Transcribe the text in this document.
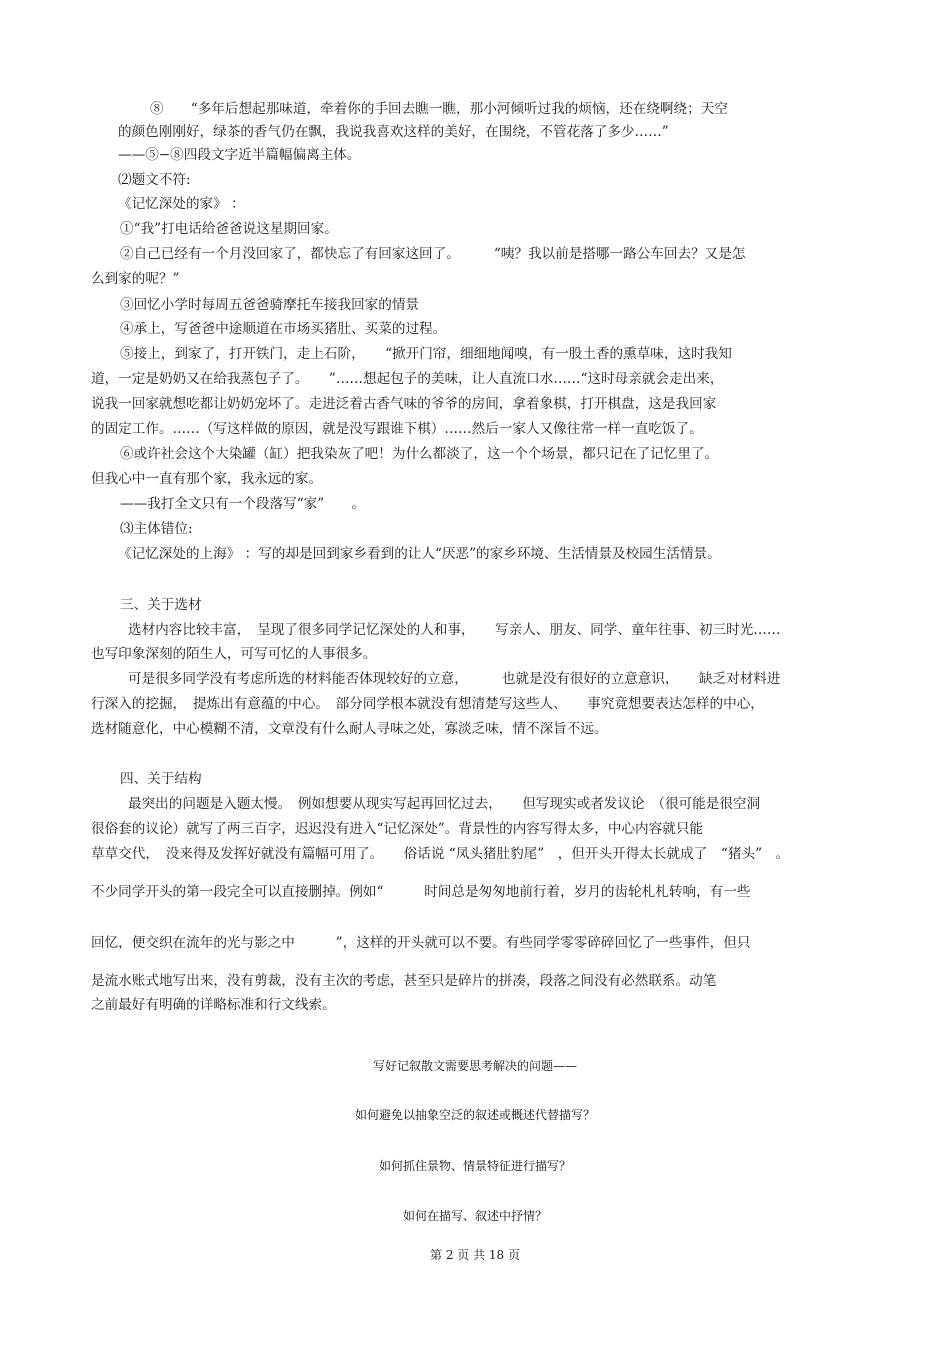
⑧　　“多年后想起那味道，牵着你的手回去瞧一瞧，那小河倾听过我的烦恼，还在绕啊绕；天空
的颜色刚刚好，绿茶的香气仍在飘，我说我喜欢这样的美好，在围绕，不管花落了多少……”
——⑤−⑧四段文字近半篇幅偏离主体。
⑵题文不符:
《记忆深处的家》 ：
①“我”打电话给爸爸说这星期回家。
②自己已经有一个月没回家了，都快忘了有回家这回了。　　　“咦？我以前是搭哪一路公车回去？又是怎
么到家的呢？”
③回忆小学时每周五爸爸骑摩托车接我回家的情景
④承上，写爸爸中途顺道在市场买猪肚、买菜的过程。
⑤接上，到家了，打开铁门，走上石阶，　　“掀开门帘，细细地闻嗅，有一股土香的熏草味，这时我知
道，一定是奶奶又在给我蒸包子了。　　”……想起包子的美味，让人直流口水……“这时母亲就会走出来，
说我一回家就想吃都让奶奶宠坏了。走进泛着古香气味的爷爷的房间，拿着象棋，打开棋盘，这是我回家
的固定工作。……（写这样做的原因，就是没写跟谁下棋）……然后一家人又像往常一样一直吃饭了。
⑥或许社会这个大染罐（缸）把我染灰了吧！为什么都淡了，这一个个场景，都只记在了记忆里了。
但我心中一直有那个家，我永远的家。
——我打全文只有一个段落写“家”　　。
⑶主体错位:
《记忆深处的上海》 ：写的却是回到家乡看到的让人“厌恶”的家乡环境、生活情景及校园生活情景。
三、关于选材
选材内容比较丰富，　呈现了很多同学记忆深处的人和事，　　写亲人、朋友、同学、童年往事、初三时光……
也写印象深刻的陌生人，可写可忆的人事很多。
可是很多同学没有考虑所选的材料能否体现较好的立意，　　　也就是没有很好的立意意识，　　缺乏对材料进
行深入的挖掘，　提炼出有意蕴的中心。　部分同学根本就没有想清楚写这些人、　　事究竟想要表达怎样的中心，
选材随意化，中心模糊不清，文章没有什么耐人寻味之处，寡淡乏味，情不深旨不远。
四、关于结构
最突出的问题是入题太慢。　例如想要从现实写起再回忆过去，　　但写现实或者发议论　（很可能是很空洞
很俗套的议论）就写了两三百字，迟迟没有进入“记忆深处”。背景性的内容写得太多，中心内容就只能
草草交代，　没来得及发挥好就没有篇幅可用了。　　俗话说 “凤头猪肚豹尾”　，但开头开得太长就成了　“猪头”　。
不少同学开头的第一段完全可以直接删掉。例如“　　　时间总是匆匆地前行着，岁月的齿轮札札转响，有一些
回忆，便交织在流年的光与影之中　　　”，这样的开头就可以不要。有些同学零零碎碎回忆了一些事件，但只
是流水账式地写出来，没有剪裁，没有主次的考虑，甚至只是碎片的拼凑，段落之间没有必然联系。动笔
之前最好有明确的详略标准和行文线索。
写好记叙散文需要思考解决的问题——
如何避免以抽象空泛的叙述或概述代替描写？
如何抓住景物、情景特征进行描写？
如何在描写、叙述中抒情？
第 2 页 共 18 页
